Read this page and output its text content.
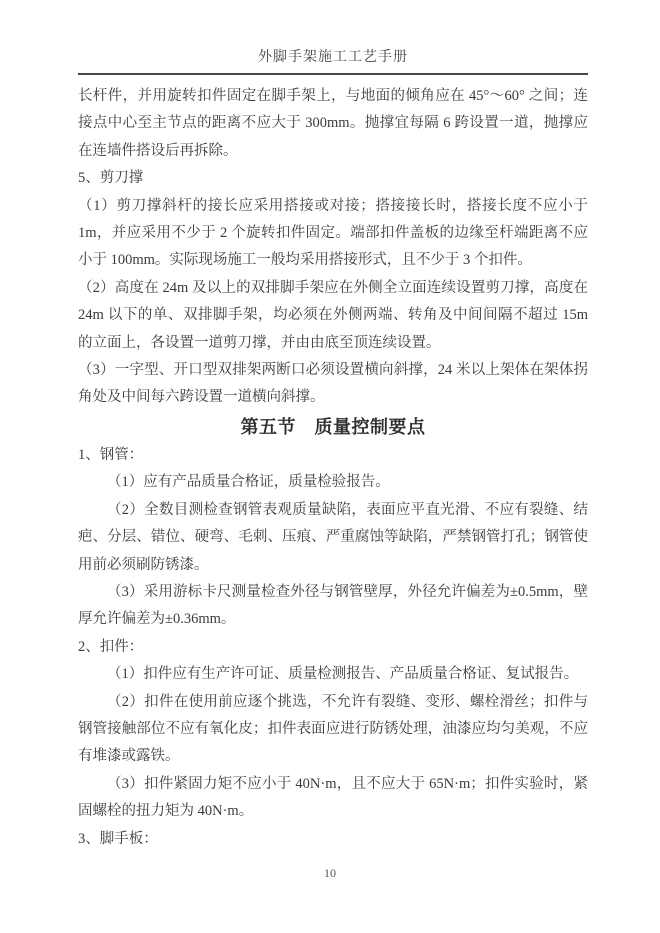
外脚手架施工工艺手册

长杆件，并用旋转扣件固定在脚手架上，与地面的倾角应在 45°～60° 之间；连接点中心至主节点的距离不应大于 300mm。抛撑宜每隔 6 跨设置一道，抛撑应在连墙件搭设后再拆除。

5、剪刀撑

（1）剪刀撑斜杆的接长应采用搭接或对接；搭接接长时，搭接长度不应小于 1m，并应采用不少于 2 个旋转扣件固定。端部扣件盖板的边缘至杆端距离不应小于 100mm。实际现场施工一般均采用搭接形式，且不少于 3 个扣件。

（2）高度在 24m 及以上的双排脚手架应在外侧全立面连续设置剪刀撑，高度在 24m 以下的单、双排脚手架，均必须在外侧两端、转角及中间间隔不超过 15m 的立面上，各设置一道剪刀撑，并由由底至顶连续设置。

（3）一字型、开口型双排架两断口必须设置横向斜撑，24 米以上架体在架体拐角处及中间每六跨设置一道横向斜撑。

第五节　质量控制要点

1、钢管：

（1）应有产品质量合格证，质量检验报告。

（2）全数目测检查钢管表观质量缺陷，表面应平直光滑、不应有裂缝、结疤、分层、错位、硬弯、毛刺、压痕、严重腐蚀等缺陷，严禁钢管打孔；钢管使用前必须刷防锈漆。

（3）采用游标卡尺测量检查外径与钢管壁厚，外径允许偏差为±0.5mm，壁厚允许偏差为±0.36mm。

2、扣件：

（1）扣件应有生产许可证、质量检测报告、产品质量合格证、复试报告。

（2）扣件在使用前应逐个挑选，不允许有裂缝、变形、螺栓滑丝；扣件与钢管接触部位不应有氧化皮；扣件表面应进行防锈处理，油漆应均匀美观，不应有堆漆或露铁。

（3）扣件紧固力矩不应小于 40N·m，且不应大于 65N·m；扣件实验时，紧固螺栓的扭力矩为 40N·m。

3、脚手板：

10
